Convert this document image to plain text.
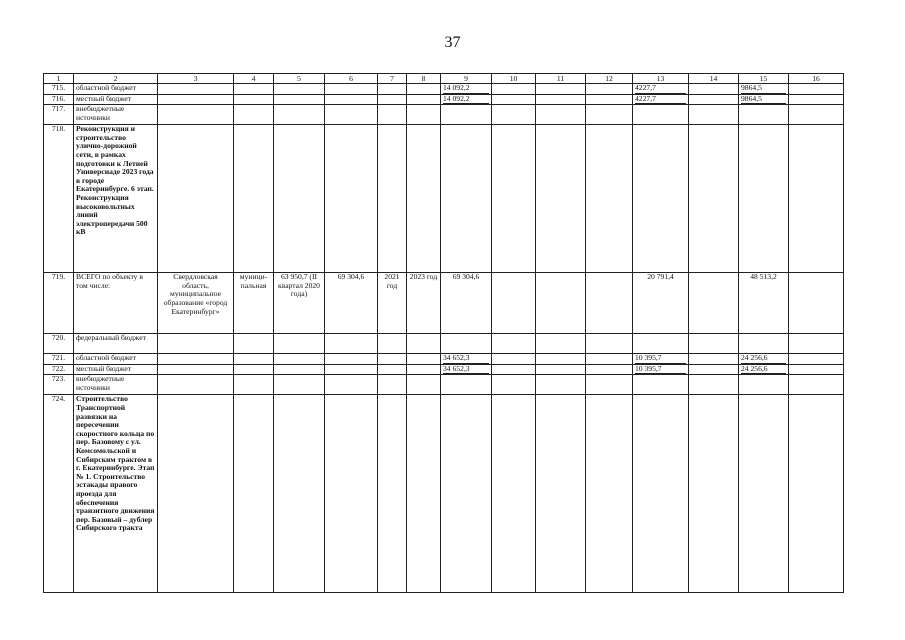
37
1	2	3	4	5	6	7	8	9	10	11	12	13	14	15	16
715.	областной бюджет							14 092,2				4227,7		9864,5	

716.	местный бюджет							14 092,2				4227,7		9864,5	

717.	внебюджетные источники														
718.	Реконструкция и строительство улично-дорожной сети, в рамках подготовки к Летней Универсиаде 2023 года в городе Екатеринбурге. 6 этап. Реконструкция высоковольтных линий электропередачи 500 кВ														
719.	ВСЕГО по объекту в том числе:	Свердловская область, муниципальное образование «город Екатеринбург»	муници-пальная	63 950,7 (II квартал 2020 года)	69 304,6	2021 год	2023 год	69 304,6				20 791,4		48 513,2	
720.	федеральный бюджет														
721.	областной бюджет							34 652,3				10 395,7		24 256,6	

722.	местный бюджет							34 652,3				10 395,7		24 256,6	

723.	внебюджетные источники														
724.	Строительство Транспортной развязки на пересечении скоростного кольца по пер. Базовому с ул. Комсомольской и Сибирским трактом в г. Екатеринбурге. Этап № 1. Строительство эстакады правого проезда для обеспечения транзитного движения пер. Базовый – дублер Сибирского тракта														
